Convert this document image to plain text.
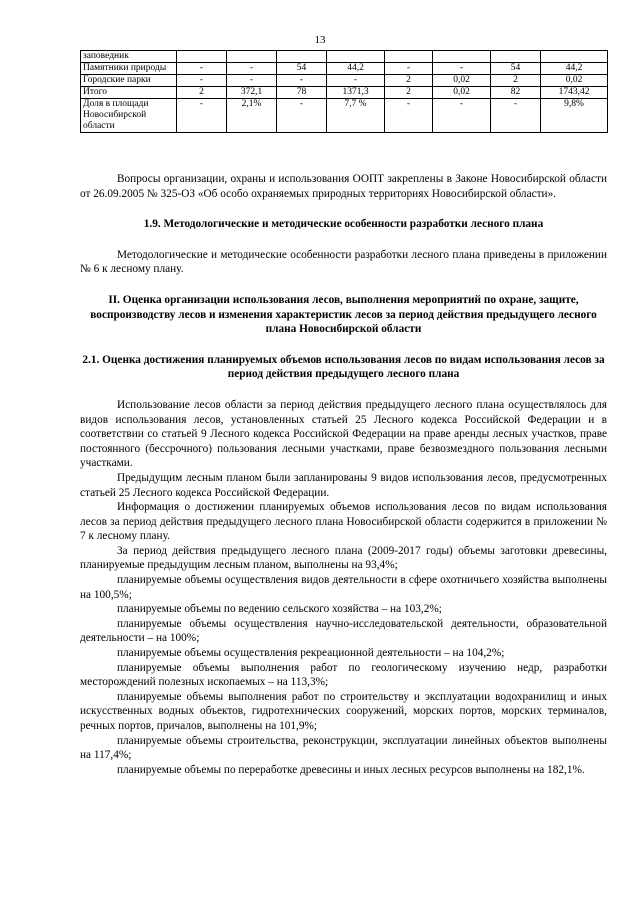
13
заповедник								
Памятники природы	-	-	54	44,2	-	-	54	44,2
Городские парки	-	-	-	-	2	0,02	2	0,02
Итого	2	372,1	78	1371,3	2	0,02	82	1743,42
Доля в площади Новосибирской области	-	2,1%	-	7,7 %	-	-	-	9,8%

Вопросы организации, охраны и использования ООПТ закреплены в Законе Новосибирской области от 26.09.2005 № 325-ОЗ «Об особо охраняемых природных территориях Новосибирской области».

1.9. Методологические и методические особенности разработки лесного плана

Методологические и методические особенности разработки лесного плана приведены в приложении № 6 к лесному плану.

II. Оценка организации использования лесов, выполнения мероприятий по охране, защите, воспроизводству лесов и изменения характеристик лесов за период действия предыдущего лесного плана Новосибирской области

2.1. Оценка достижения планируемых объемов использования лесов по видам использования лесов за период действия предыдущего лесного плана

Использование лесов области за период действия предыдущего лесного плана осуществлялось для видов использования лесов, установленных статьей 25 Лесного кодекса Российской Федерации и в соответствии со статьей 9 Лесного кодекса Российской Федерации на праве аренды лесных участков, праве постоянного (бессрочного) пользования лесными участками, праве безвозмездного пользования лесными участками.

Предыдущим лесным планом были запланированы 9 видов использования лесов, предусмотренных статьей 25 Лесного кодекса Российской Федерации.

Информация о достижении планируемых объемов использования лесов по видам использования лесов за период действия предыдущего лесного плана Новосибирской области содержится в приложении № 7 к лесному плану.

За период действия предыдущего лесного плана (2009-2017 годы) объемы заготовки древесины, планируемые предыдущим лесным планом, выполнены на 93,4%;

планируемые объемы осуществления видов деятельности в сфере охотничьего хозяйства выполнены на 100,5%;

планируемые объемы по ведению сельского хозяйства – на 103,2%;

планируемые объемы осуществления научно-исследовательской деятельности, образовательной деятельности – на 100%;

планируемые объемы осуществления рекреационной деятельности – на 104,2%;

планируемые объемы выполнения работ по геологическому изучению недр, разработки месторождений полезных ископаемых – на 113,3%;

планируемые объемы выполнения работ по строительству и эксплуатации водохранилищ и иных искусственных водных объектов, гидротехнических сооружений, морских портов, морских терминалов, речных портов, причалов, выполнены на 101,9%;

планируемые объемы строительства, реконструкции, эксплуатации линейных объектов выполнены на 117,4%;

планируемые объемы по переработке древесины и иных лесных ресурсов выполнены на 182,1%.
